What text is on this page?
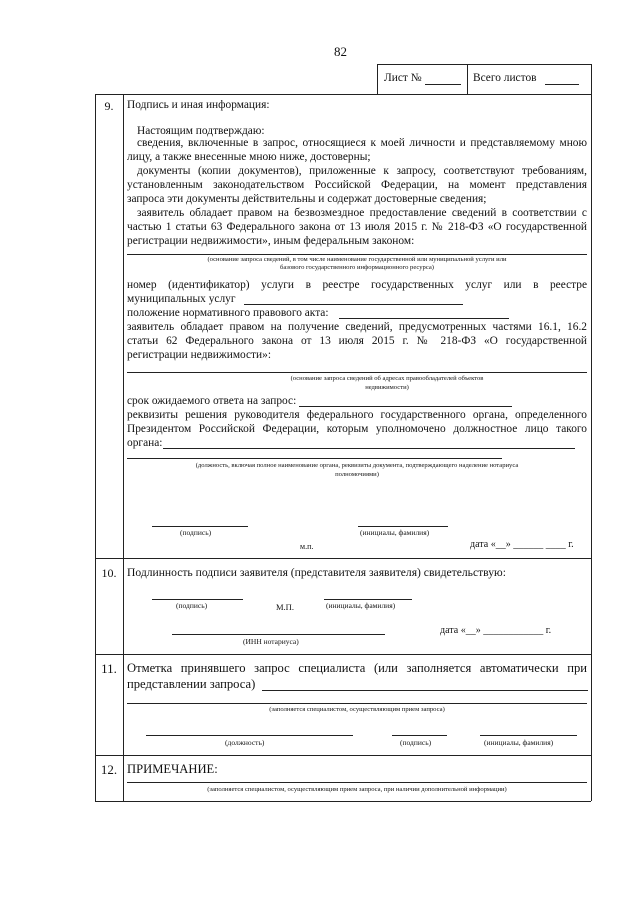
82
Лист №	Всего листов
9.	Подпись и иная информация:
Настоящим подтверждаю:
сведения, включенные в запрос, относящиеся к моей личности и представляемому мною
лицу, а также внесенные мною ниже, достоверны;
документы (копии документов), приложенные к запросу, соответствуют требованиям,
установленным законодательством Российской Федерации, на момент представления
запроса эти документы действительны и содержат достоверные сведения;
заявитель обладает правом на безвозмездное предоставление сведений в соответствии с
частью 1 статьи 63 Федерального закона от 13 июля 2015 г. № 218-ФЗ «О государственной
регистрации недвижимости», иным федеральным законом:
(основание запроса сведений, в том числе наименование государственной или муниципальной услуги или
базового государственного информационного ресурса)
номер (идентификатор) услуги в реестре государственных услуг или в реестре
муниципальных услуг
положение нормативного правового акта:
заявитель обладает правом на получение сведений, предусмотренных частями 16.1, 16.2
статьи 62 Федерального закона от 13 июля 2015 г. № 218-ФЗ «О государственной
регистрации недвижимости»:
(основание запроса сведений об адресах правообладателей объектов
недвижимости)
срок ожидаемого ответа на запрос:
реквизиты решения руководителя федерального государственного органа, определенного
Президентом Российской Федерации, которым уполномочено должностное лицо такого
органа:
(должность, включая полное наименование органа, реквизиты документа, подтверждающего наделение нотариуса
полномочиями)
(подпись)
м.п.
(инициалы, фамилия)
дата «__» ______ ____ г.
10. Подлинность подписи заявителя (представителя заявителя) свидетельствую:
(подпись)	М.П.	(инициалы, фамилия)
дата «__» ____________ г.
(ИНН нотариуса)
11. Отметка принявшего запрос специалиста (или заполняется автоматически при
представлении запроса)
(заполняется специалистом, осуществляющим прием запроса)
(должность)	(подпись)	(инициалы, фамилия)
12. ПРИМЕЧАНИЕ:
(заполняется специалистом, осуществляющим прием запроса, при наличии дополнительной информации)
